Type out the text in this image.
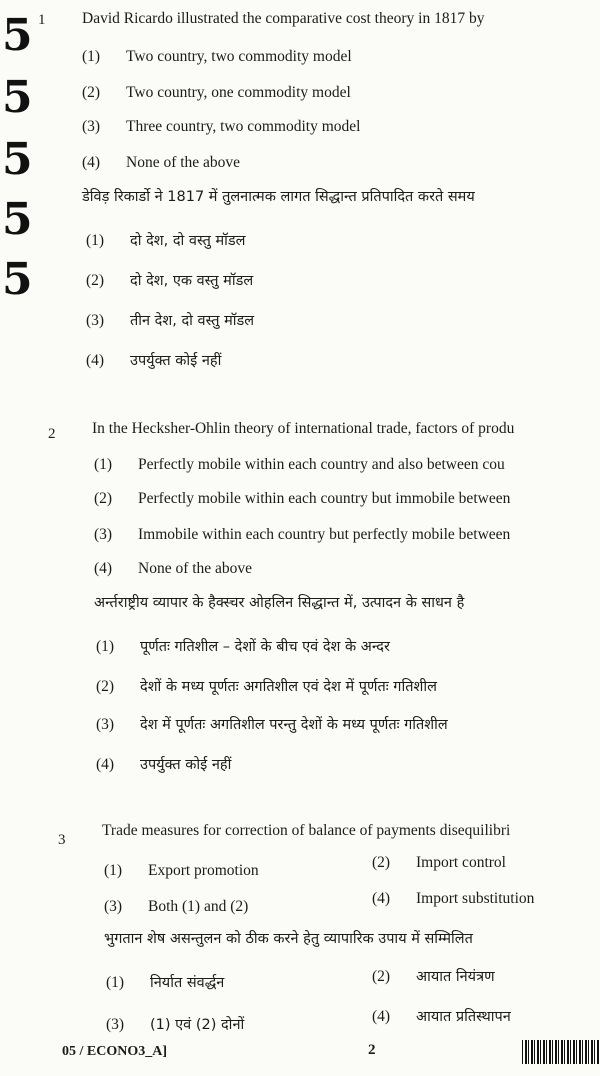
5
5
5
5
5
1 David Ricardo illustrated the comparative cost theory in 1817 by
(1) Two country, two commodity model
(2) Two country, one commodity model
(3) Three country, two commodity model
(4) None of the above
डेविड़ रिकार्डो ने 1817 में तुलनात्मक लागत सिद्धान्त प्रतिपादित करते समय
(1) दो देश, दो वस्तु मॉडल
(2) दो देश, एक वस्तु मॉडल
(3) तीन देश, दो वस्तु मॉडल
(4) उपर्युक्त कोई नहीं
2 In the Hecksher-Ohlin theory of international trade, factors of produ
(1) Perfectly mobile within each country and also between cou
(2) Perfectly mobile within each country but immobile between
(3) Immobile within each country but perfectly mobile between
(4) None of the above
अर्न्तराष्ट्रीय व्यापार के हैक्स्चर ओहलिन सिद्धान्त में, उत्पादन के साधन है
(1) पूर्णतः गतिशील – देशों के बीच एवं देश के अन्दर
(2) देशों के मध्य पूर्णतः अगतिशील एवं देश में पूर्णतः गतिशील
(3) देश में पूर्णतः अगतिशील परन्तु देशों के मध्य पूर्णतः गतिशील
(4) उपर्युक्त कोई नहीं
3
Trade measures for correction of balance of payments disequilibri
(1) Export promotion	(2) Import control
(3) Both (1) and (2)	(4) Import substitution
भुगतान शेष असन्तुलन को ठीक करने हेतु व्यापारिक उपाय में सम्मिलित
(1) निर्यात संवर्द्धन	(2) आयात नियंत्रण
(3) (1) एवं (2) दोनों	(4) आयात प्रतिस्थापन
05 / ECONO3_A]	2
